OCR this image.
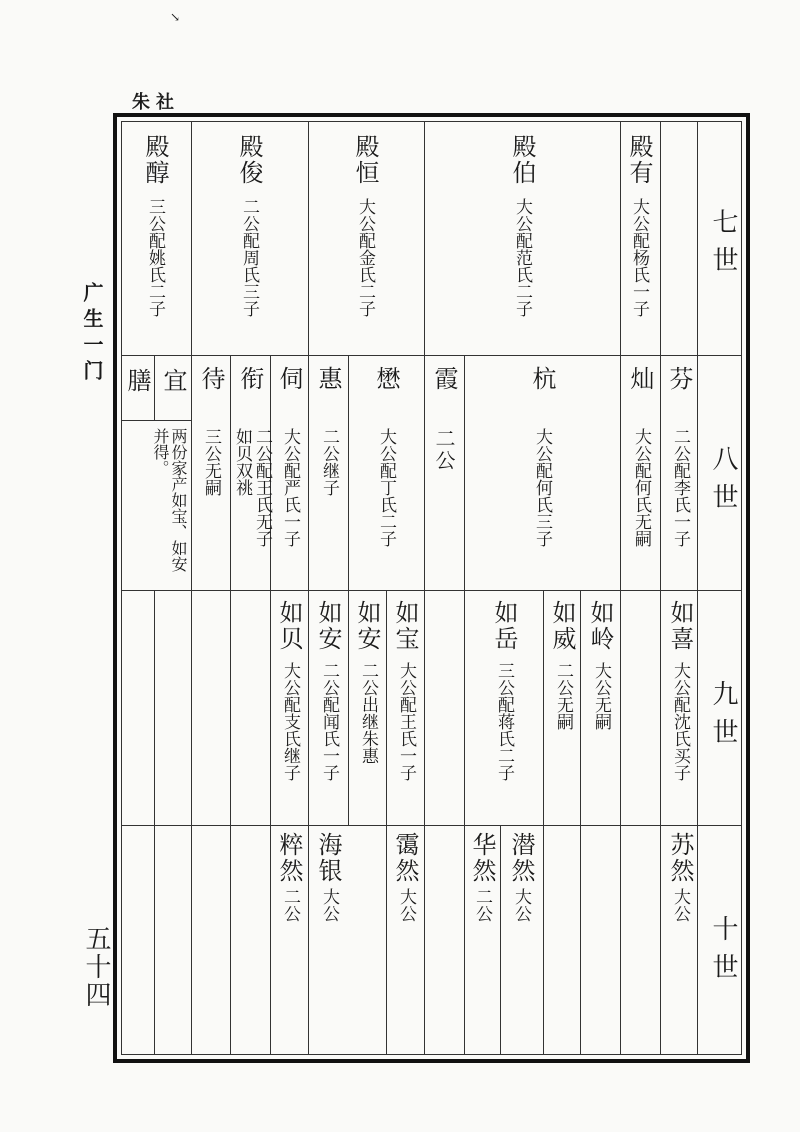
朱社
广生一门
五十四
↘
七世
八世
九世
十世
殿有
大公配杨氏一子
殿伯
大公配范氏二子
殿恒
大公配金氏二子
殿俊
二公配周氏三子
殿醇
三公配姚氏二子
芬
二公配李氏一子
灿
大公配何氏无嗣
杭
大公配何氏三子
霞
二公
懋
大公配丁氏二子
惠
二公继子
伺
大公配严氏一子
衔
二公配王氏无子
如贝双祧
待
三公无嗣
宜
膳
两份家产如宝、如安并得。
如喜
大公配沈氏买子
如岭
大公无嗣
如威
二公无嗣
如岳
三公配蒋氏二子
如宝
大公配王氏一子
如安
二公出继朱惠
如安
二公配闻氏一子
如贝
大公配支氏继子
苏然
大公
潜然
大公
华然
二公
霭然
大公
海银
大公
粹然
二公
